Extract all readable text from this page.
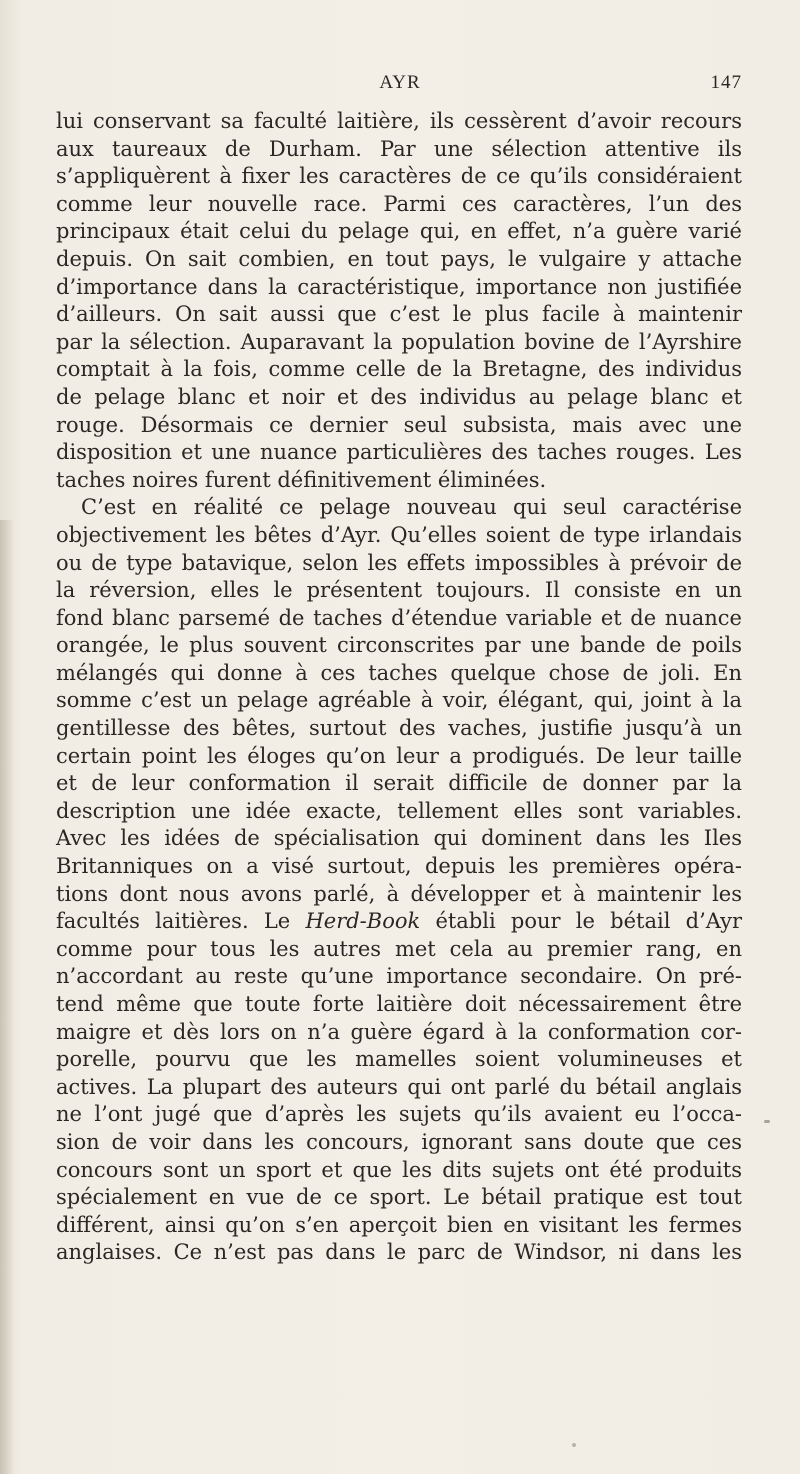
AYR	147
lui conservant sa faculté laitière, ils cessèrent d’avoir recours
aux taureaux de Durham. Par une sélection attentive ils
s’appliquèrent à fixer les caractères de ce qu’ils considéraient
comme leur nouvelle race. Parmi ces caractères, l’un des
principaux était celui du pelage qui, en effet, n’a guère varié
depuis. On sait combien, en tout pays, le vulgaire y attache
d’importance dans la caractéristique, importance non justifiée
d’ailleurs. On sait aussi que c’est le plus facile à maintenir
par la sélection. Auparavant la population bovine de l’Ayrshire
comptait à la fois, comme celle de la Bretagne, des individus
de pelage blanc et noir et des individus au pelage blanc et
rouge. Désormais ce dernier seul subsista, mais avec une
disposition et une nuance particulières des taches rouges. Les
taches noires furent définitivement éliminées.
C’est en réalité ce pelage nouveau qui seul caractérise
objectivement les bêtes d’Ayr. Qu’elles soient de type irlandais
ou de type batavique, selon les effets impossibles à prévoir de
la réversion, elles le présentent toujours. Il consiste en un
fond blanc parsemé de taches d’étendue variable et de nuance
orangée, le plus souvent circonscrites par une bande de poils
mélangés qui donne à ces taches quelque chose de joli. En
somme c’est un pelage agréable à voir, élégant, qui, joint à la
gentillesse des bêtes, surtout des vaches, justifie jusqu’à un
certain point les éloges qu’on leur a prodigués. De leur taille
et de leur conformation il serait difficile de donner par la
description une idée exacte, tellement elles sont variables.
Avec les idées de spécialisation qui dominent dans les Iles
Britanniques on a visé surtout, depuis les premières opéra-
tions dont nous avons parlé, à développer et à maintenir les
facultés laitières. Le Herd-Book établi pour le bétail d’Ayr
comme pour tous les autres met cela au premier rang, en
n’accordant au reste qu’une importance secondaire. On pré-
tend même que toute forte laitière doit nécessairement être
maigre et dès lors on n’a guère égard à la conformation cor-
porelle, pourvu que les mamelles soient volumineuses et
actives. La plupart des auteurs qui ont parlé du bétail anglais
ne l’ont jugé que d’après les sujets qu’ils avaient eu l’occa-
sion de voir dans les concours, ignorant sans doute que ces
concours sont un sport et que les dits sujets ont été produits
spécialement en vue de ce sport. Le bétail pratique est tout
différent, ainsi qu’on s’en aperçoit bien en visitant les fermes
anglaises. Ce n’est pas dans le parc de Windsor, ni dans les
